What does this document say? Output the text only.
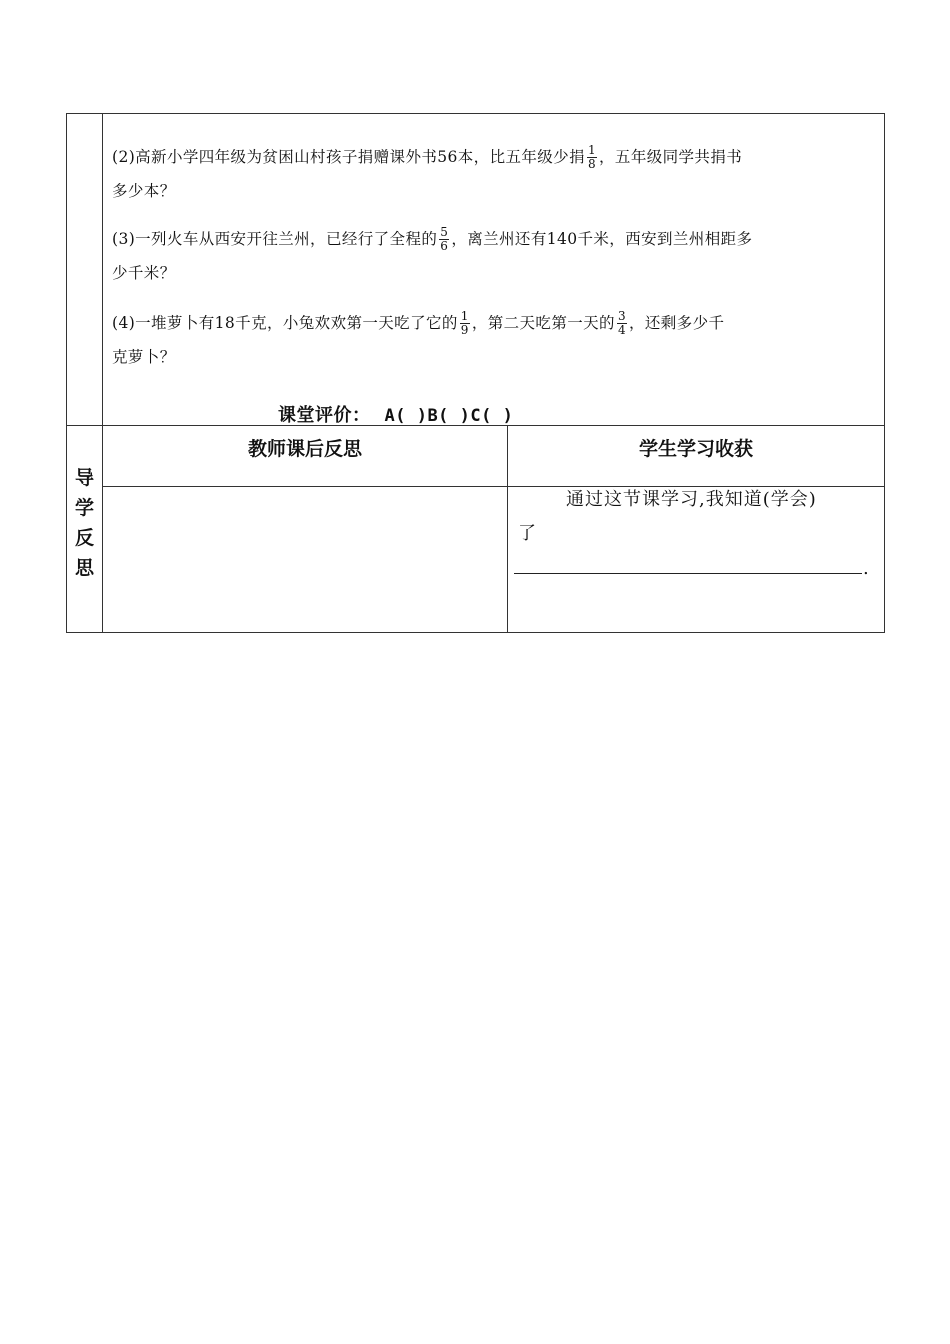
(2)高新小学四年级为贫困山村孩子捐赠课外书56本，比五年级少捐 $\frac{1}{8}$ ，五年级同学共捐书
多少本？
(3)一列火车从西安开往兰州，已经行了全程的 $\frac{5}{6}$ ，离兰州还有140千米，西安到兰州相距多
少千米？
(4)一堆萝卜有18千克，小兔欢欢第一天吃了它的 $\frac{1}{9}$ ，第二天吃第一天的 $\frac{3}{4}$ ，还剩多少千
克萝卜？
课堂评价： A( )B( )C( )
导
学
反
思
教师课后反思	学生学习收获
通过这节课学习,我知道(学会)
了
.
